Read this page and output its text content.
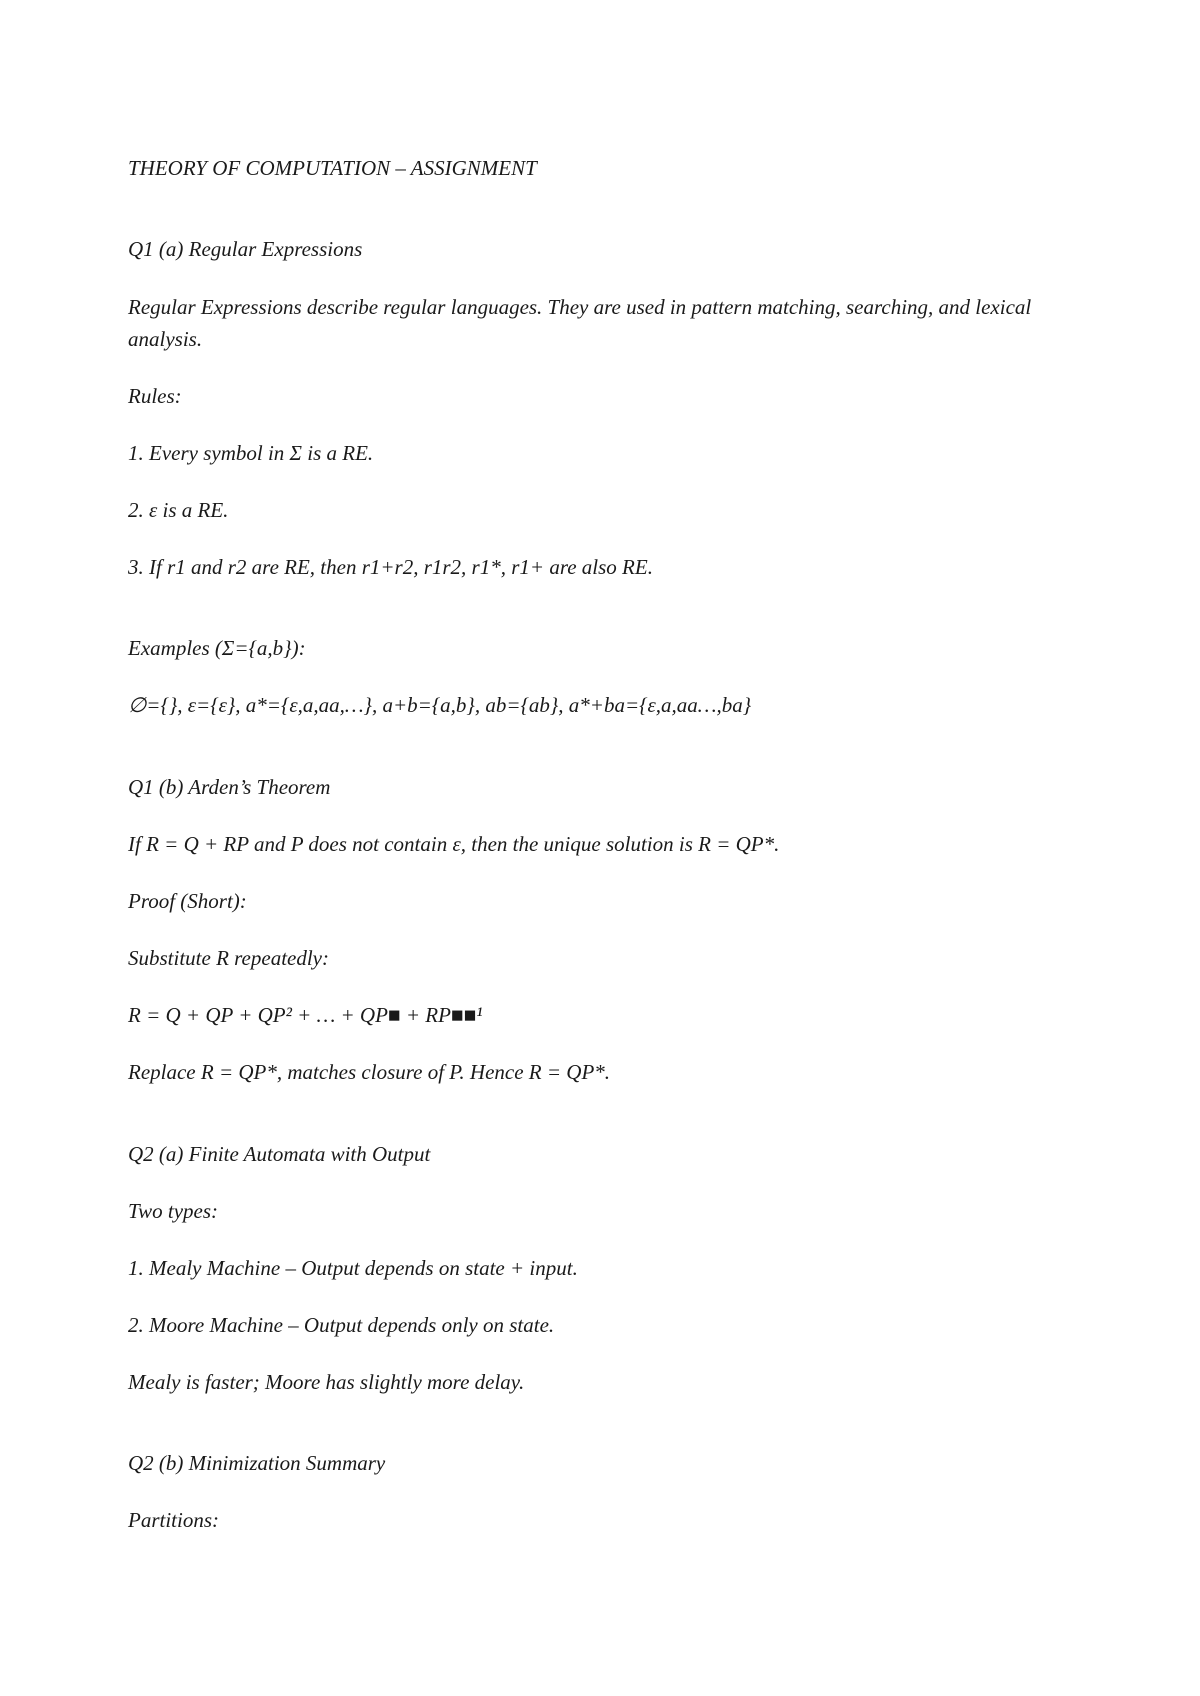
THEORY OF COMPUTATION – ASSIGNMENT

Q1 (a) Regular Expressions

Regular Expressions describe regular languages. They are used in pattern matching, searching, and lexical analysis.

Rules:

1. Every symbol in Σ is a RE.

2. ε is a RE.

3. If r1 and r2 are RE, then r1+r2, r1r2, r1*, r1+ are also RE.

Examples (Σ={a,b}):

∅={}, ε={ε}, a*={ε,a,aa,…}, a+b={a,b}, ab={ab}, a*+ba={ε,a,aa…,ba}

Q1 (b) Arden’s Theorem

If R = Q + RP and P does not contain ε, then the unique solution is R = QP*.

Proof (Short):

Substitute R repeatedly:

R = Q + QP + QP² + … + QP■ + RP■■¹

Replace R = QP*, matches closure of P. Hence R = QP*.

Q2 (a) Finite Automata with Output

Two types:

1. Mealy Machine – Output depends on state + input.

2. Moore Machine – Output depends only on state.

Mealy is faster; Moore has slightly more delay.

Q2 (b) Minimization Summary

Partitions:
